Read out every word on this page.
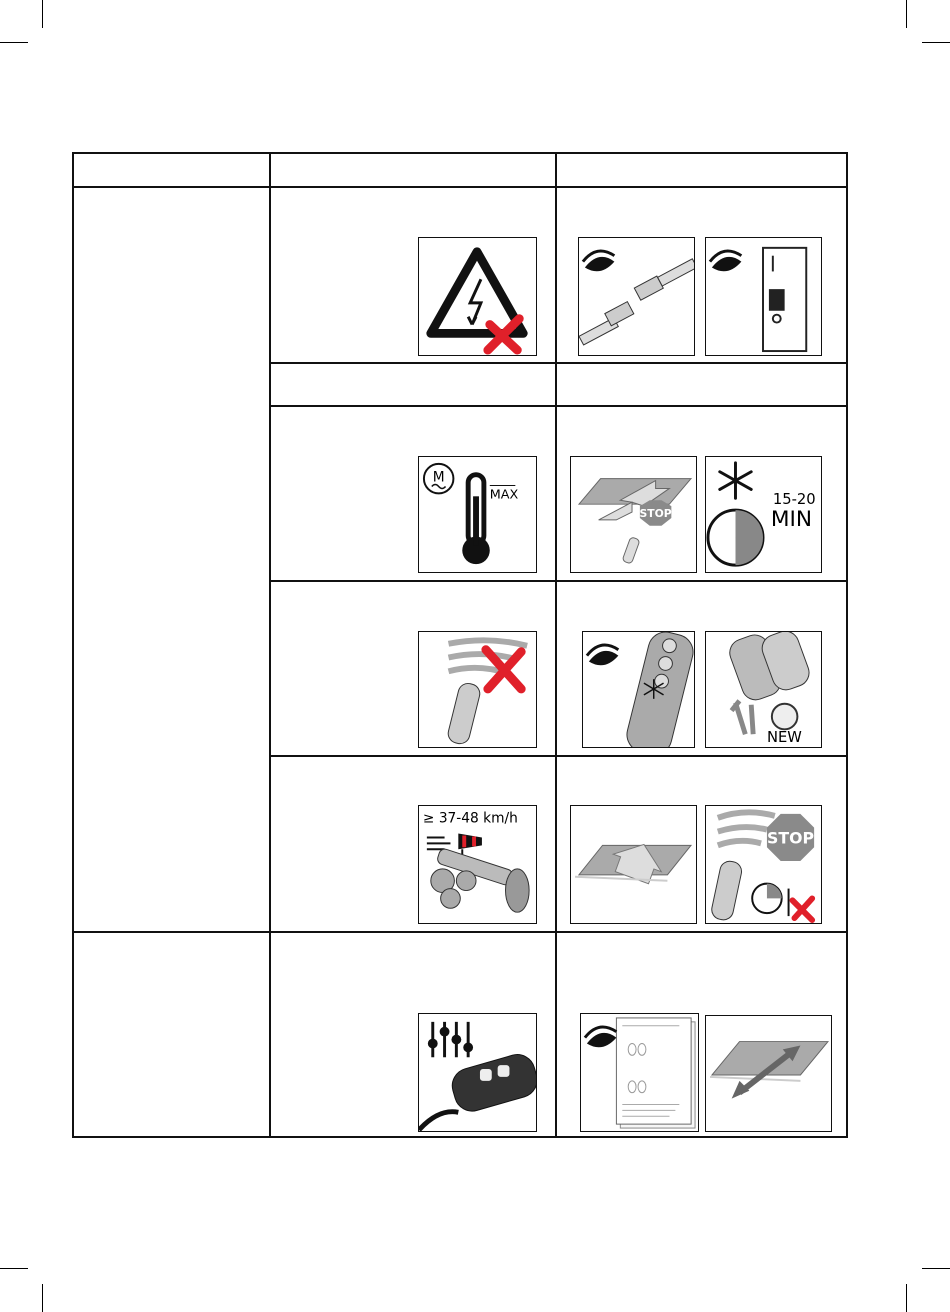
M
MAX
STOP
15-20
MIN
NEW
≥ 37-48 km/h
STOP
